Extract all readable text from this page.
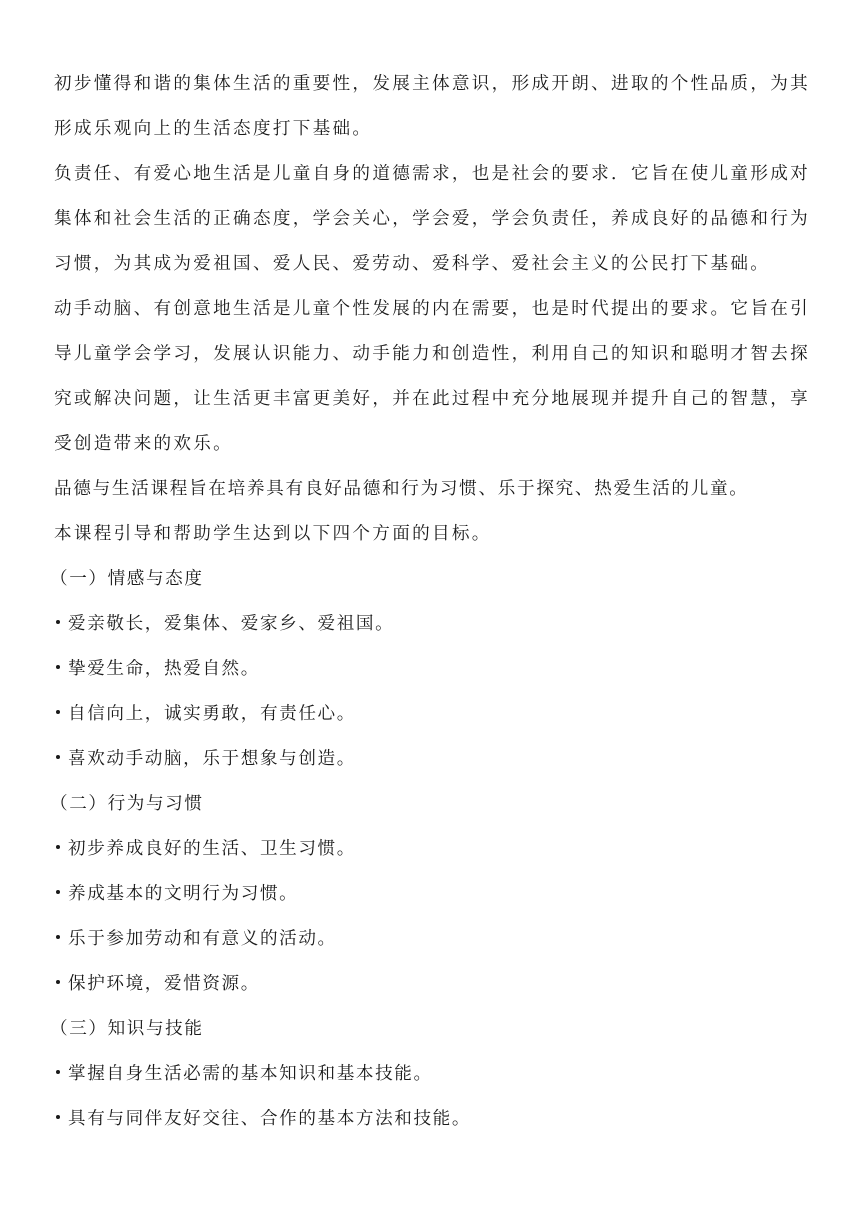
初步懂得和谐的集体生活的重要性，发展主体意识，形成开朗、进取的个性品质，为其形成乐观向上的生活态度打下基础。

负责任、有爱心地生活是儿童自身的道德需求，也是社会的要求．它旨在使儿童形成对集体和社会生活的正确态度，学会关心，学会爱，学会负责任，养成良好的品德和行为习惯，为其成为爱祖国、爱人民、爱劳动、爱科学、爱社会主义的公民打下基础。

动手动脑、有创意地生活是儿童个性发展的内在需要，也是时代提出的要求。它旨在引导儿童学会学习，发展认识能力、动手能力和创造性，利用自己的知识和聪明才智去探究或解决问题，让生活更丰富更美好，并在此过程中充分地展现并提升自己的智慧，享受创造带来的欢乐。

品德与生活课程旨在培养具有良好品德和行为习惯、乐于探究、热爱生活的儿童。

本课程引导和帮助学生达到以下四个方面的目标。

（一）情感与态度

爱亲敬长，爱集体、爱家乡、爱祖国。

挚爱生命，热爱自然。

自信向上，诚实勇敢，有责任心。

喜欢动手动脑，乐于想象与创造。

（二）行为与习惯

初步养成良好的生活、卫生习惯。

养成基本的文明行为习惯。

乐于参加劳动和有意义的活动。

保护环境，爱惜资源。

（三）知识与技能

掌握自身生活必需的基本知识和基本技能。

具有与同伴友好交往、合作的基本方法和技能。
